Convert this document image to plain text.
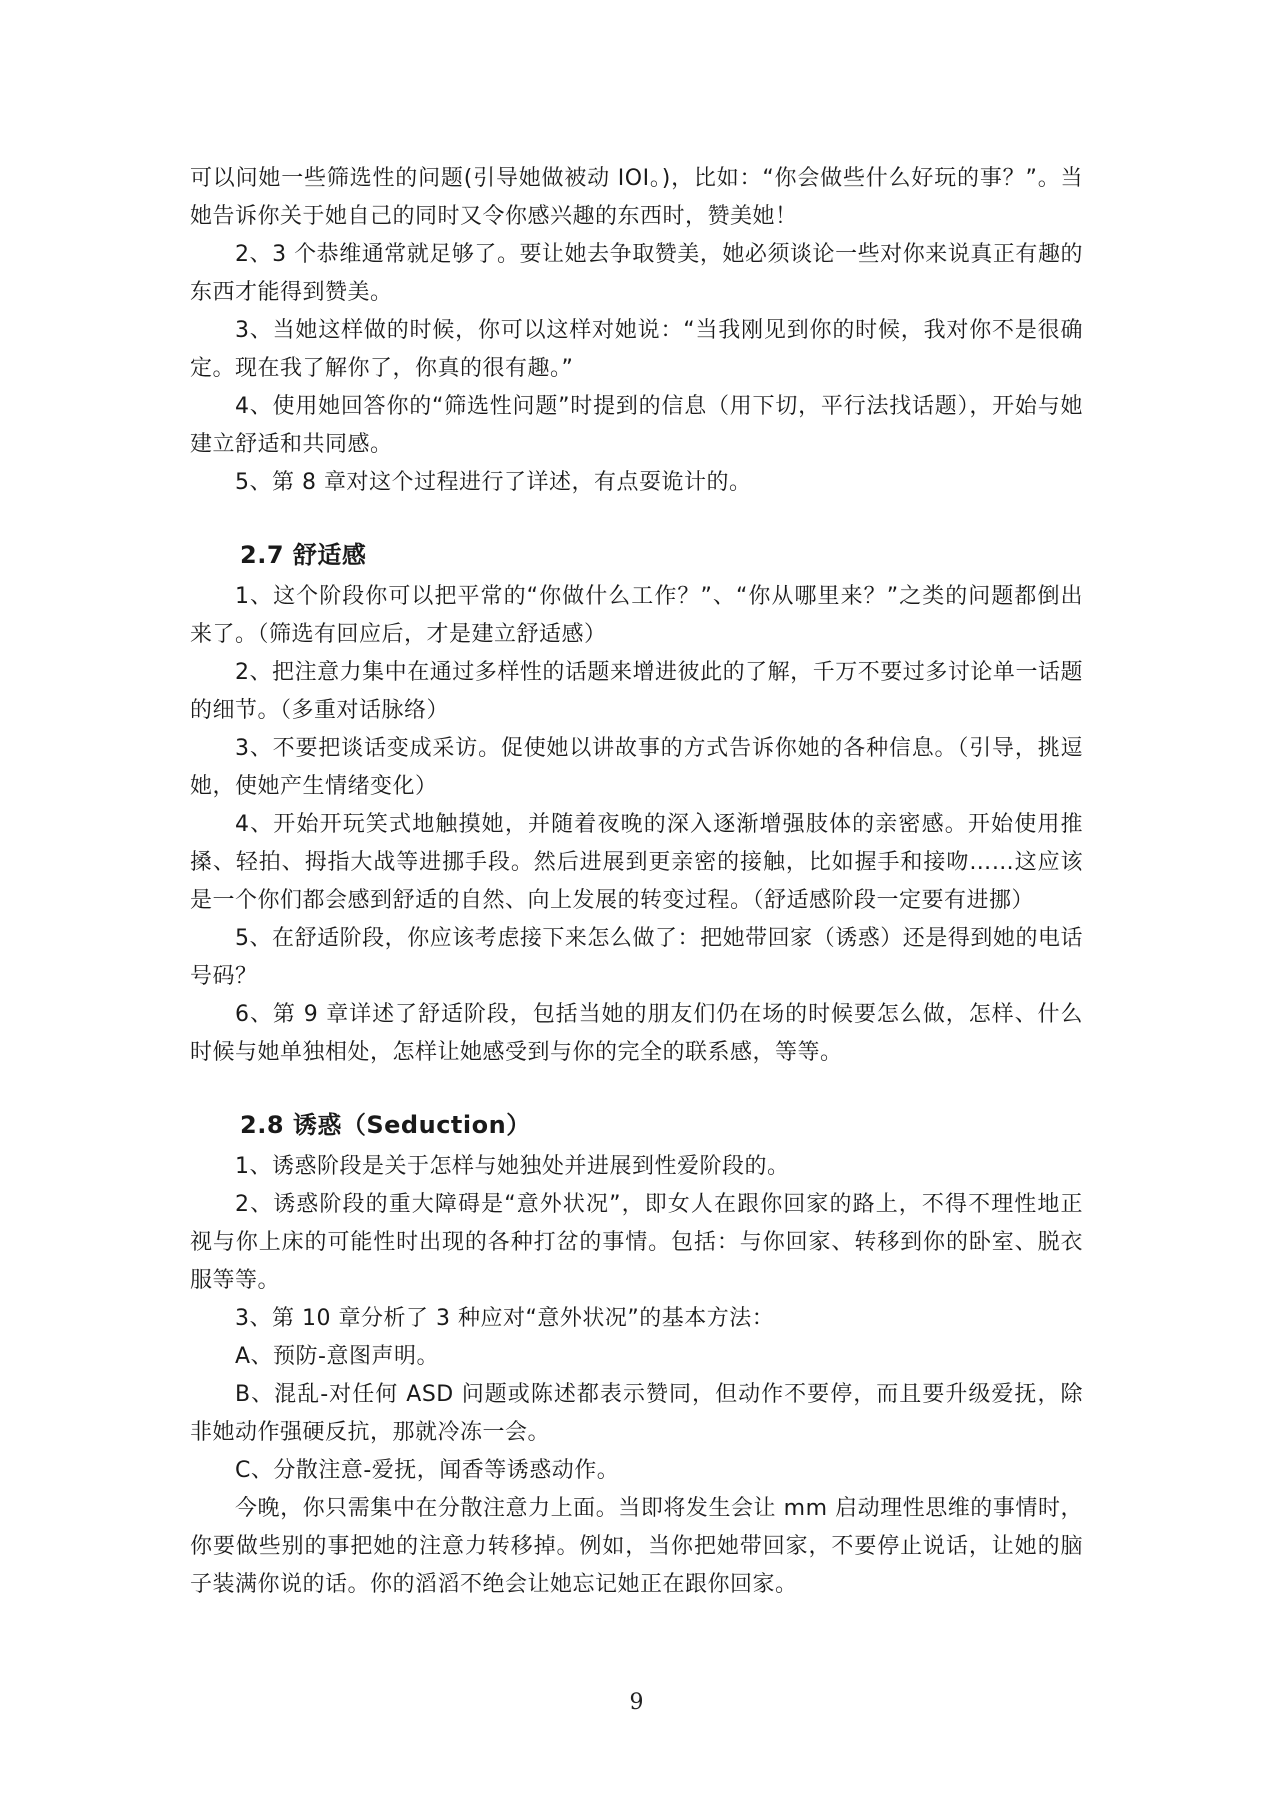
可以问她一些筛选性的问题(引导她做被动 IOI。)，比如：“你会做些什么好玩的事？”。当她告诉你关于她自己的同时又令你感兴趣的东西时，赞美她！

2、3 个恭维通常就足够了。要让她去争取赞美，她必须谈论一些对你来说真正有趣的东西才能得到赞美。

3、当她这样做的时候，你可以这样对她说：“当我刚见到你的时候，我对你不是很确定。现在我了解你了，你真的很有趣。”

4、使用她回答你的“筛选性问题”时提到的信息（用下切，平行法找话题），开始与她建立舒适和共同感。

5、第 8 章对这个过程进行了详述，有点耍诡计的。

2.7 舒适感

1、这个阶段你可以把平常的“你做什么工作？”、“你从哪里来？”之类的问题都倒出来了。（筛选有回应后，才是建立舒适感）

2、把注意力集中在通过多样性的话题来增进彼此的了解，千万不要过多讨论单一话题的细节。（多重对话脉络）

3、不要把谈话变成采访。促使她以讲故事的方式告诉你她的各种信息。（引导，挑逗她，使她产生情绪变化）

4、开始开玩笑式地触摸她，并随着夜晚的深入逐渐增强肢体的亲密感。开始使用推搡、轻拍、拇指大战等进挪手段。然后进展到更亲密的接触，比如握手和接吻……这应该是一个你们都会感到舒适的自然、向上发展的转变过程。（舒适感阶段一定要有进挪）

5、在舒适阶段，你应该考虑接下来怎么做了：把她带回家（诱惑）还是得到她的电话号码？

6、第 9 章详述了舒适阶段，包括当她的朋友们仍在场的时候要怎么做，怎样、什么时候与她单独相处，怎样让她感受到与你的完全的联系感，等等。

2.8 诱惑（Seduction）

1、诱惑阶段是关于怎样与她独处并进展到性爱阶段的。

2、诱惑阶段的重大障碍是“意外状况”，即女人在跟你回家的路上，不得不理性地正视与你上床的可能性时出现的各种打岔的事情。包括：与你回家、转移到你的卧室、脱衣服等等。

3、第 10 章分析了 3 种应对“意外状况”的基本方法：

A、预防-意图声明。

B、混乱-对任何 ASD 问题或陈述都表示赞同，但动作不要停，而且要升级爱抚，除非她动作强硬反抗，那就冷冻一会。

C、分散注意-爱抚，闻香等诱惑动作。

今晚，你只需集中在分散注意力上面。当即将发生会让 mm 启动理性思维的事情时，你要做些别的事把她的注意力转移掉。例如，当你把她带回家，不要停止说话，让她的脑子装满你说的话。你的滔滔不绝会让她忘记她正在跟你回家。

9
